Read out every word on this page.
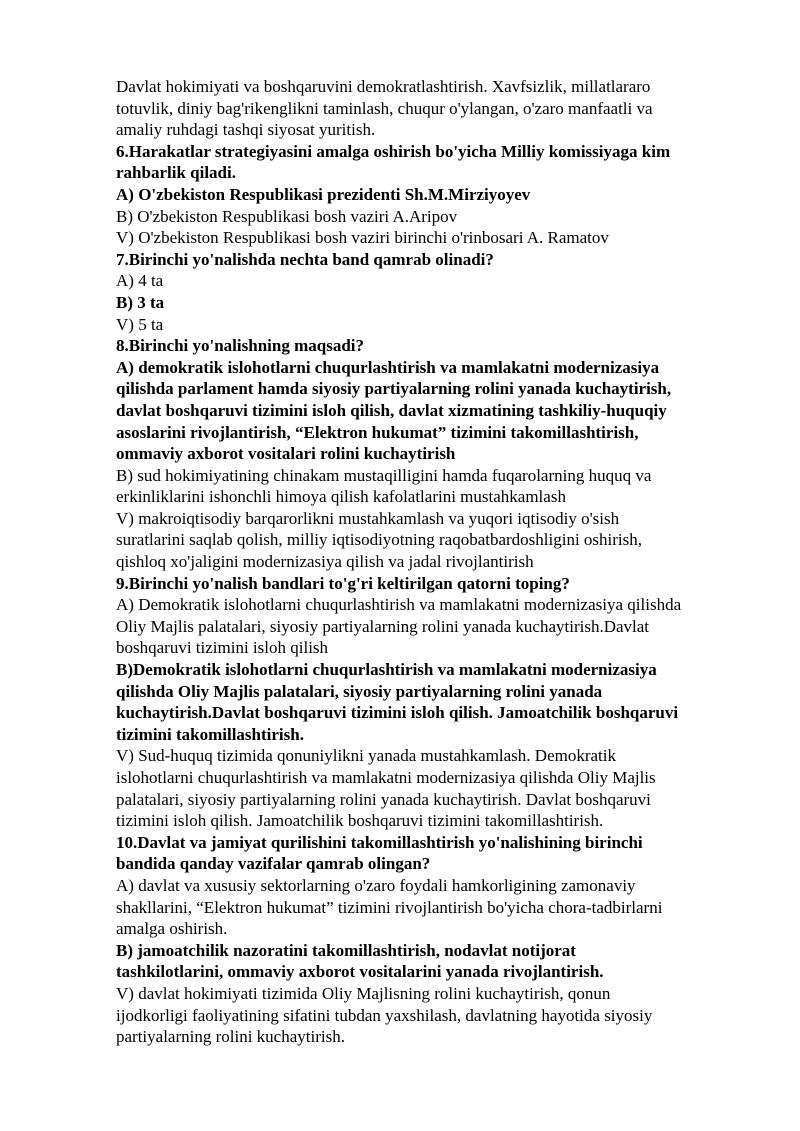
Davlat hokimiyati va boshqaruvini demokratlashtirish. Xavfsizlik, millatlararo
totuvlik, diniy bag'rikenglikni taminlash, chuqur o'ylangan, o'zaro manfaatli va
amaliy ruhdagi tashqi siyosat yuritish.
6.Harakatlar strategiyasini amalga oshirish bo'yicha Milliy komissiyaga kim
rahbarlik qiladi.
A) O'zbekiston Respublikasi prezidenti Sh.M.Mirziyoyev
B) O'zbekiston Respublikasi bosh vaziri A.Aripov
V) O'zbekiston Respublikasi bosh vaziri birinchi o'rinbosari A. Ramatov
7.Birinchi yo'nalishda nechta band qamrab olinadi?
A) 4 ta
B) 3 ta
V) 5 ta
8.Birinchi yo'nalishning maqsadi?
A) demokratik islohotlarni chuqurlashtirish va mamlakatni modernizasiya
qilishda parlament hamda siyosiy partiyalarning rolini yanada kuchaytirish,
davlat boshqaruvi tizimini isloh qilish, davlat xizmatining tashkiliy-huquqiy
asoslarini rivojlantirish, “Elektron hukumat” tizimini takomillashtirish,
ommaviy axborot vositalari rolini kuchaytirish
B) sud hokimiyatining chinakam mustaqilligini hamda fuqarolarning huquq va
erkinliklarini ishonchli himoya qilish kafolatlarini mustahkamlash
V) makroiqtisodiy barqarorlikni mustahkamlash va yuqori iqtisodiy o'sish
suratlarini saqlab qolish, milliy iqtisodiyotning raqobatbardoshligini oshirish,
qishloq xo'jaligini modernizasiya qilish va jadal rivojlantirish
9.Birinchi yo'nalish bandlari to'g'ri keltirilgan qatorni toping?
A) Demokratik islohotlarni chuqurlashtirish va mamlakatni modernizasiya qilishda
Oliy Majlis palatalari, siyosiy partiyalarning rolini yanada kuchaytirish.Davlat
boshqaruvi tizimini isloh qilish
B)Demokratik islohotlarni chuqurlashtirish va mamlakatni modernizasiya
qilishda Oliy Majlis palatalari, siyosiy partiyalarning rolini yanada
kuchaytirish.Davlat boshqaruvi tizimini isloh qilish. Jamoatchilik boshqaruvi
tizimini takomillashtirish.
V) Sud-huquq tizimida qonuniylikni yanada mustahkamlash. Demokratik
islohotlarni chuqurlashtirish va mamlakatni modernizasiya qilishda Oliy Majlis
palatalari, siyosiy partiyalarning rolini yanada kuchaytirish. Davlat boshqaruvi
tizimini isloh qilish. Jamoatchilik boshqaruvi tizimini takomillashtirish.
10.Davlat va jamiyat qurilishini takomillashtirish yo'nalishining birinchi
bandida qanday vazifalar qamrab olingan?
A) davlat va xususiy sektorlarning o'zaro foydali hamkorligining zamonaviy
shakllarini, “Elektron hukumat” tizimini rivojlantirish bo'yicha chora-tadbirlarni
amalga oshirish.
B) jamoatchilik nazoratini takomillashtirish, nodavlat notijorat
tashkilotlarini, ommaviy axborot vositalarini yanada rivojlantirish.
V) davlat hokimiyati tizimida Oliy Majlisning rolini kuchaytirish, qonun
ijodkorligi faoliyatining sifatini tubdan yaxshilash, davlatning hayotida siyosiy
partiyalarning rolini kuchaytirish.
